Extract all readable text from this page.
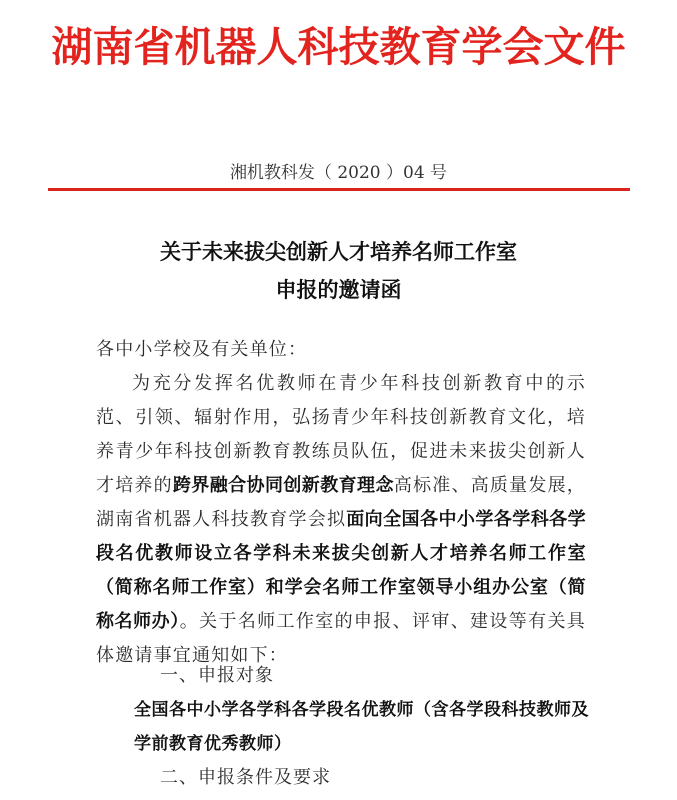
湖南省机器人科技教育学会文件
湘机教科发（ 2020 ）04 号
关于未来拔尖创新人才培养名师工作室
申报的邀请函
各中小学校及有关单位：
为充分发挥名优教师在青少年科技创新教育中的示范、引领、辐射作用，弘扬青少年科技创新教育文化，培养青少年科技创新教育教练员队伍，促进未来拔尖创新人才培养的跨界融合协同创新教育理念高标准、高质量发展，湖南省机器人科技教育学会拟面向全国各中小学各学科各学段名优教师设立各学科未来拔尖创新人才培养名师工作室（简称名师工作室）和学会名师工作室领导小组办公室（简称名师办）。关于名师工作室的申报、评审、建设等有关具体邀请事宜通知如下：
一、申报对象
全国各中小学各学科各学段名优教师（含各学段科技教师及学前教育优秀教师）
二、申报条件及要求
